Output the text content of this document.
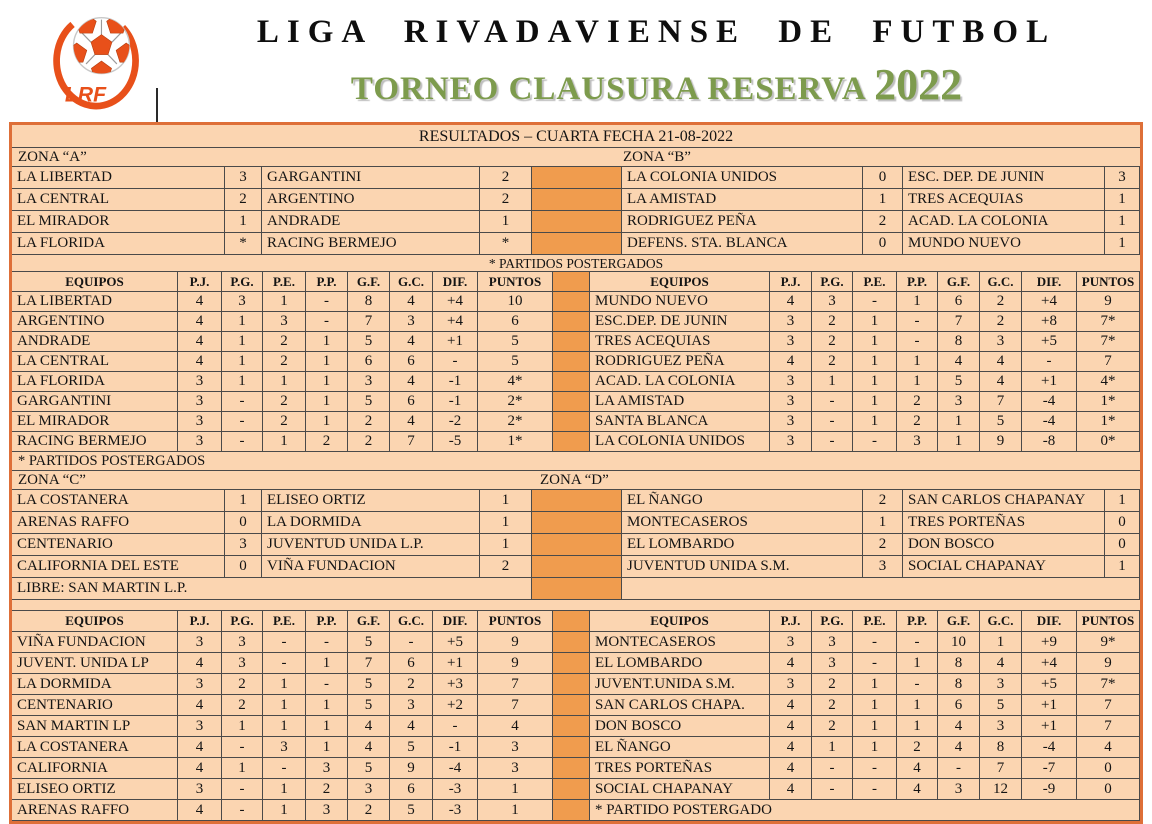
LRF
LIGA RIVADAVIENSE DE FUTBOL
TORNEO CLAUSURA RESERVA 2022
RESULTADOS – CUARTA FECHA 21-08-2022
ZONA “A”	ZONA “B”
LA LIBERTAD	3	GARGANTINI	2	LA COLONIA UNIDOS	0	ESC. DEP. DE JUNIN	3
LA CENTRAL	2	ARGENTINO	2	LA AMISTAD	1	TRES ACEQUIAS	1
EL MIRADOR	1	ANDRADE	1	RODRIGUEZ PEÑA	2	ACAD. LA COLONIA	1
LA FLORIDA	*	RACING BERMEJO	*	DEFENS. STA. BLANCA	0	MUNDO NUEVO	1
* PARTIDOS POSTERGADOS
EQUIPOS	P.J.	P.G.	P.E.	P.P.	G.F.	G.C.	DIF.	PUNTOS	EQUIPOS	P.J.	P.G.	P.E.	P.P.	G.F.	G.C.	DIF.	PUNTOS
LA LIBERTAD	4	3	1	-	8	4	+4	10	MUNDO NUEVO	4	3	-	1	6	2	+4	9
ARGENTINO	4	1	3	-	7	3	+4	6	ESC.DEP. DE JUNIN	3	2	1	-	7	2	+8	7*
ANDRADE	4	1	2	1	5	4	+1	5	TRES ACEQUIAS	3	2	1	-	8	3	+5	7*
LA CENTRAL	4	1	2	1	6	6	-	5	RODRIGUEZ PEÑA	4	2	1	1	4	4	-	7
LA FLORIDA	3	1	1	1	3	4	-1	4*	ACAD. LA COLONIA	3	1	1	1	5	4	+1	4*
GARGANTINI	3	-	2	1	5	6	-1	2*	LA AMISTAD	3	-	1	2	3	7	-4	1*
EL MIRADOR	3	-	2	1	2	4	-2	2*	SANTA BLANCA	3	-	1	2	1	5	-4	1*
RACING BERMEJO	3	-	1	2	2	7	-5	1*	LA COLONIA UNIDOS	3	-	-	3	1	9	-8	0*
* PARTIDOS POSTERGADOS
ZONA “C”	ZONA “D”
LA COSTANERA	1	ELISEO ORTIZ	1	EL ÑANGO	2	SAN CARLOS CHAPANAY	1
ARENAS RAFFO	0	LA DORMIDA	1	MONTECASEROS	1	TRES PORTEÑAS	0
CENTENARIO	3	JUVENTUD UNIDA L.P.	1	EL LOMBARDO	2	DON BOSCO	0
CALIFORNIA DEL ESTE	0	VIÑA FUNDACION	2	JUVENTUD UNIDA S.M.	3	SOCIAL CHAPANAY	1
LIBRE: SAN MARTIN L.P.
EQUIPOS	P.J.	P.G.	P.E.	P.P.	G.F.	G.C.	DIF.	PUNTOS	EQUIPOS	P.J.	P.G.	P.E.	P.P.	G.F.	G.C.	DIF.	PUNTOS
VIÑA FUNDACION	3	3	-	-	5	-	+5	9	MONTECASEROS	3	3	-	-	10	1	+9	9*
JUVENT. UNIDA LP	4	3	-	1	7	6	+1	9	EL LOMBARDO	4	3	-	1	8	4	+4	9
LA DORMIDA	3	2	1	-	5	2	+3	7	JUVENT.UNIDA S.M.	3	2	1	-	8	3	+5	7*
CENTENARIO	4	2	1	1	5	3	+2	7	SAN CARLOS CHAPA.	4	2	1	1	6	5	+1	7
SAN MARTIN LP	3	1	1	1	4	4	-	4	DON BOSCO	4	2	1	1	4	3	+1	7
LA COSTANERA	4	-	3	1	4	5	-1	3	EL ÑANGO	4	1	1	2	4	8	-4	4
CALIFORNIA	4	1	-	3	5	9	-4	3	TRES PORTEÑAS	4	-	-	4	-	7	-7	0
ELISEO ORTIZ	3	-	1	2	3	6	-3	1	SOCIAL CHAPANAY	4	-	-	4	3	12	-9	0
ARENAS RAFFO	4	-	1	3	2	5	-3	1	* PARTIDO POSTERGADO
